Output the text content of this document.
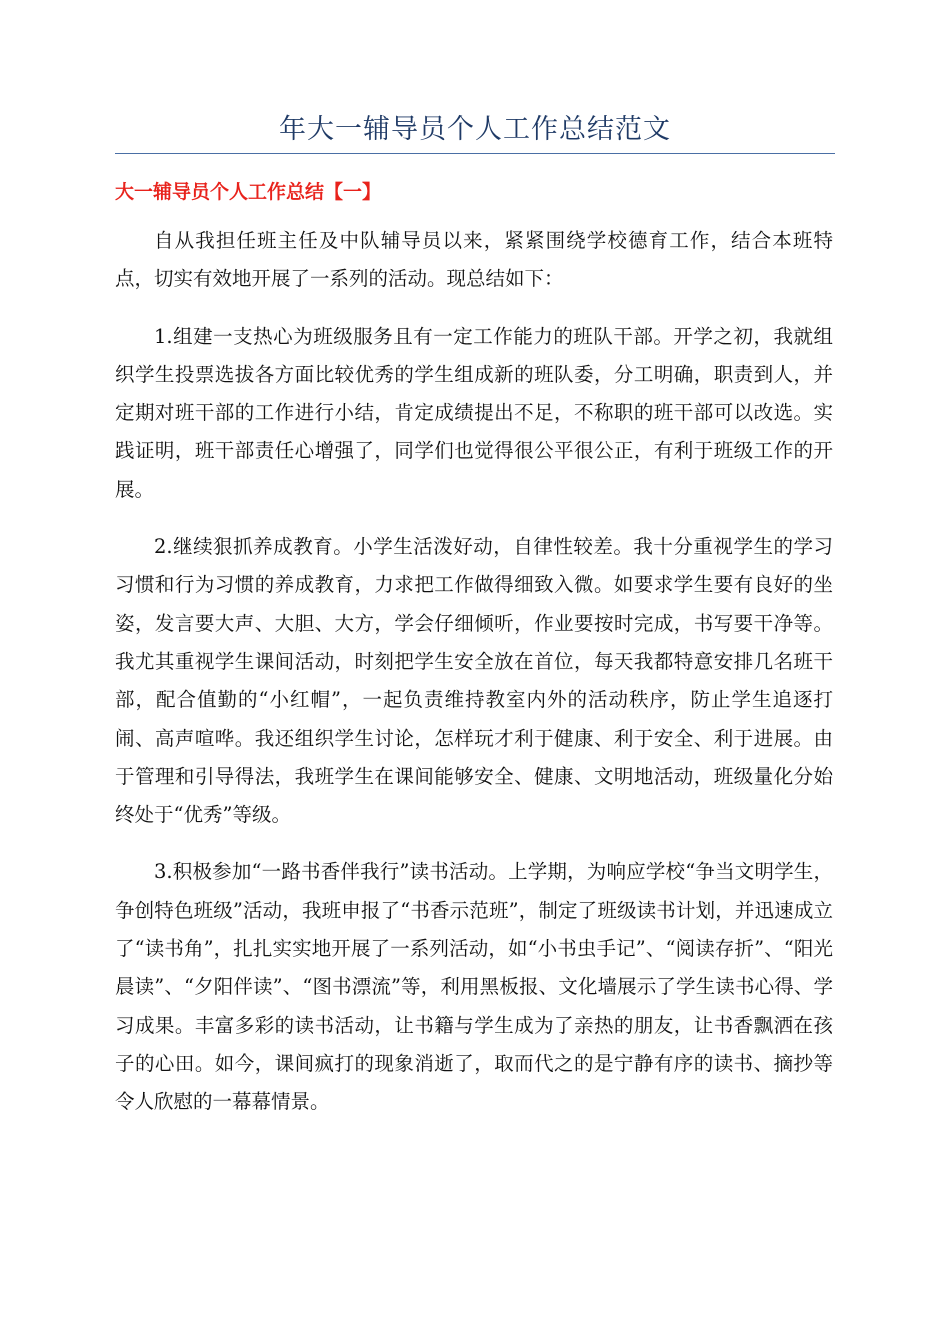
年大一辅导员个人工作总结范文
大一辅导员个人工作总结【一】

自从我担任班主任及中队辅导员以来，紧紧围绕学校德育工作，结合本班特点，切实有效地开展了一系列的活动。现总结如下：

1.组建一支热心为班级服务且有一定工作能力的班队干部。开学之初，我就组织学生投票选拔各方面比较优秀的学生组成新的班队委，分工明确，职责到人，并定期对班干部的工作进行小结，肯定成绩提出不足，不称职的班干部可以改选。实践证明，班干部责任心增强了，同学们也觉得很公平很公正，有利于班级工作的开展。

2.继续狠抓养成教育。小学生活泼好动，自律性较差。我十分重视学生的学习习惯和行为习惯的养成教育，力求把工作做得细致入微。如要求学生要有良好的坐姿，发言要大声、大胆、大方，学会仔细倾听，作业要按时完成，书写要干净等。我尤其重视学生课间活动，时刻把学生安全放在首位，每天我都特意安排几名班干部，配合值勤的“小红帽”，一起负责维持教室内外的活动秩序，防止学生追逐打闹、高声喧哗。我还组织学生讨论，怎样玩才利于健康、利于安全、利于进展。由于管理和引导得法，我班学生在课间能够安全、健康、文明地活动，班级量化分始终处于“优秀”等级。

3.积极参加“一路书香伴我行”读书活动。上学期，为响应学校“争当文明学生，争创特色班级”活动，我班申报了“书香示范班”，制定了班级读书计划，并迅速成立了“读书角”，扎扎实实地开展了一系列活动，如“小书虫手记”、“阅读存折”、“阳光晨读”、“夕阳伴读”、“图书漂流”等，利用黑板报、文化墙展示了学生读书心得、学习成果。丰富多彩的读书活动，让书籍与学生成为了亲热的朋友，让书香飘洒在孩子的心田。如今，课间疯打的现象消逝了，取而代之的是宁静有序的读书、摘抄等令人欣慰的一幕幕情景。
